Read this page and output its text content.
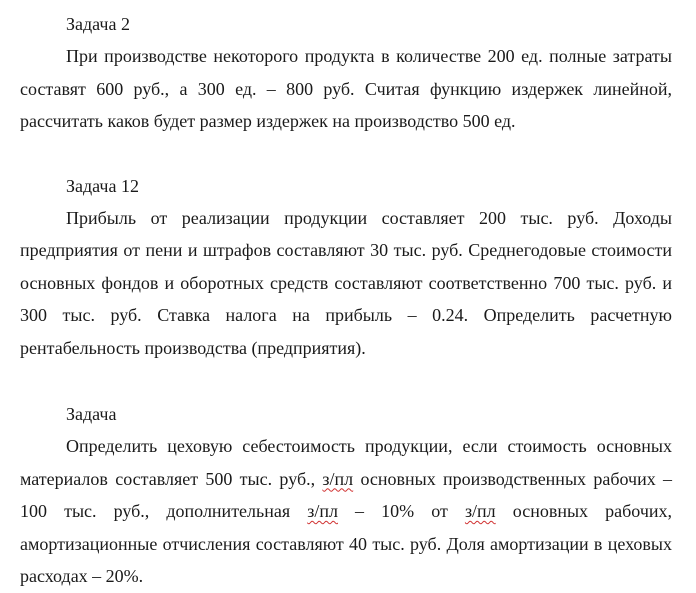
Задача 2

При производстве некоторого продукта в количестве 200 ед. полные затраты составят 600 руб., а 300 ед. – 800 руб. Считая функцию издержек линейной, рассчитать каков будет размер издержек на производство 500 ед.

Задача 12

Прибыль от реализации продукции составляет 200 тыс. руб. Доходы предприятия от пени и штрафов составляют 30 тыс. руб. Среднегодовые стоимости основных фондов и оборотных средств составляют соответственно 700 тыс. руб. и 300 тыс. руб. Ставка налога на прибыль – 0.24. Определить расчетную рентабельность производства (предприятия).

Задача

Определить цеховую себестоимость продукции, если стоимость основных материалов составляет 500 тыс. руб., з/пл основных производственных рабочих – 100 тыс. руб., дополнительная з/пл – 10% от з/пл основных рабочих, амортизационные отчисления составляют 40 тыс. руб. Доля амортизации в цеховых расходах – 20%.
